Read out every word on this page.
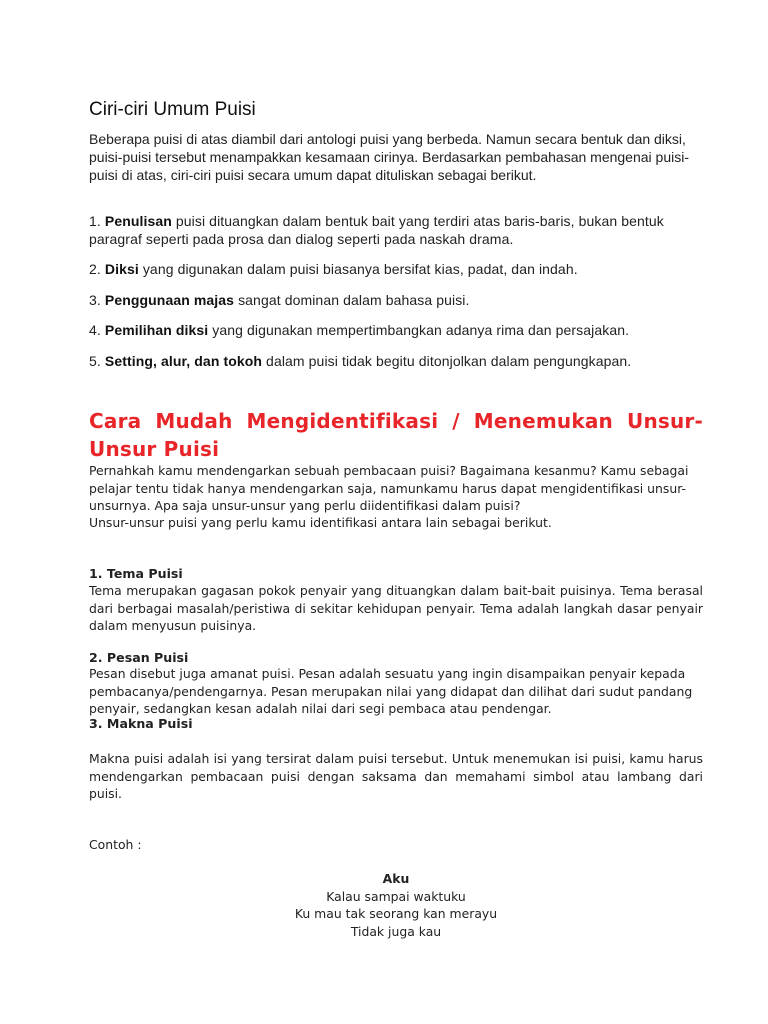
Ciri-ciri Umum Puisi

Beberapa puisi di atas diambil dari antologi puisi yang berbeda. Namun secara bentuk dan diksi, puisi-puisi tersebut menampakkan kesamaan cirinya. Berdasarkan pembahasan mengenai puisi-puisi di atas, ciri-ciri puisi secara umum dapat dituliskan sebagai berikut.

1. Penulisan puisi dituangkan dalam bentuk bait yang terdiri atas baris-baris, bukan bentuk paragraf seperti pada prosa dan dialog seperti pada naskah drama.

2. Diksi yang digunakan dalam puisi biasanya bersifat kias, padat, dan indah.

3. Penggunaan majas sangat dominan dalam bahasa puisi.

4. Pemilihan diksi yang digunakan mempertimbangkan adanya rima dan persajakan.

5. Setting, alur, dan tokoh dalam puisi tidak begitu ditonjolkan dalam pengungkapan.

Cara Mudah Mengidentifikasi / Menemukan Unsur-Unsur Puisi

Pernahkah kamu mendengarkan sebuah pembacaan puisi? Bagaimana kesanmu? Kamu sebagai pelajar tentu tidak hanya mendengarkan saja, namunkamu harus dapat mengidentifikasi unsur-unsurnya. Apa saja unsur-unsur yang perlu diidentifikasi dalam puisi?

Unsur-unsur puisi yang perlu kamu identifikasi antara lain sebagai berikut.

1. Tema Puisi

Tema merupakan gagasan pokok penyair yang dituangkan dalam bait-bait puisinya. Tema berasal dari berbagai masalah/peristiwa di sekitar kehidupan penyair. Tema adalah langkah dasar penyair dalam menyusun puisinya.

2. Pesan Puisi

Pesan disebut juga amanat puisi. Pesan adalah sesuatu yang ingin disampaikan penyair kepada pembacanya/pendengarnya. Pesan merupakan nilai yang didapat dan dilihat dari sudut pandang penyair, sedangkan kesan adalah nilai dari segi pembaca atau pendengar.

3. Makna Puisi

Makna puisi adalah isi yang tersirat dalam puisi tersebut. Untuk menemukan isi puisi, kamu harus mendengarkan pembacaan puisi dengan saksama dan memahami simbol atau lambang dari puisi.

Contoh :

Aku
Kalau sampai waktuku
Ku mau tak seorang kan merayu
Tidak juga kau
